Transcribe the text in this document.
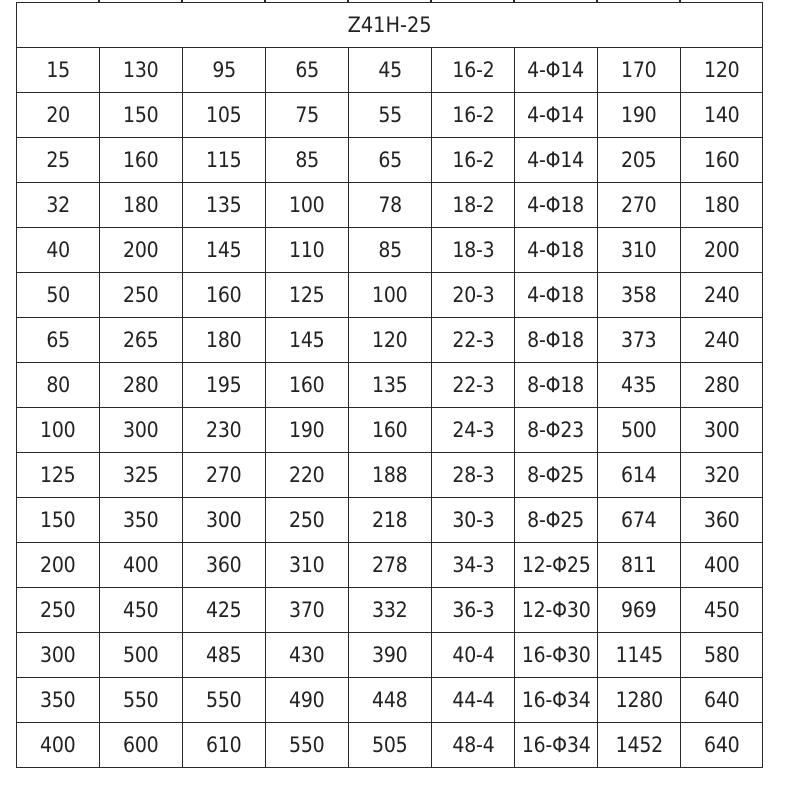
Z41H-25								
15	130	95	65	45	16-2	4-Φ14	170	120
20	150	105	75	55	16-2	4-Φ14	190	140
25	160	115	85	65	16-2	4-Φ14	205	160
32	180	135	100	78	18-2	4-Φ18	270	180
40	200	145	110	85	18-3	4-Φ18	310	200
50	250	160	125	100	20-3	4-Φ18	358	240
65	265	180	145	120	22-3	8-Φ18	373	240
80	280	195	160	135	22-3	8-Φ18	435	280
100	300	230	190	160	24-3	8-Φ23	500	300
125	325	270	220	188	28-3	8-Φ25	614	320
150	350	300	250	218	30-3	8-Φ25	674	360
200	400	360	310	278	34-3	12-Φ25	811	400
250	450	425	370	332	36-3	12-Φ30	969	450
300	500	485	430	390	40-4	16-Φ30	1145	580
350	550	550	490	448	44-4	16-Φ34	1280	640
400	600	610	550	505	48-4	16-Φ34	1452	640
